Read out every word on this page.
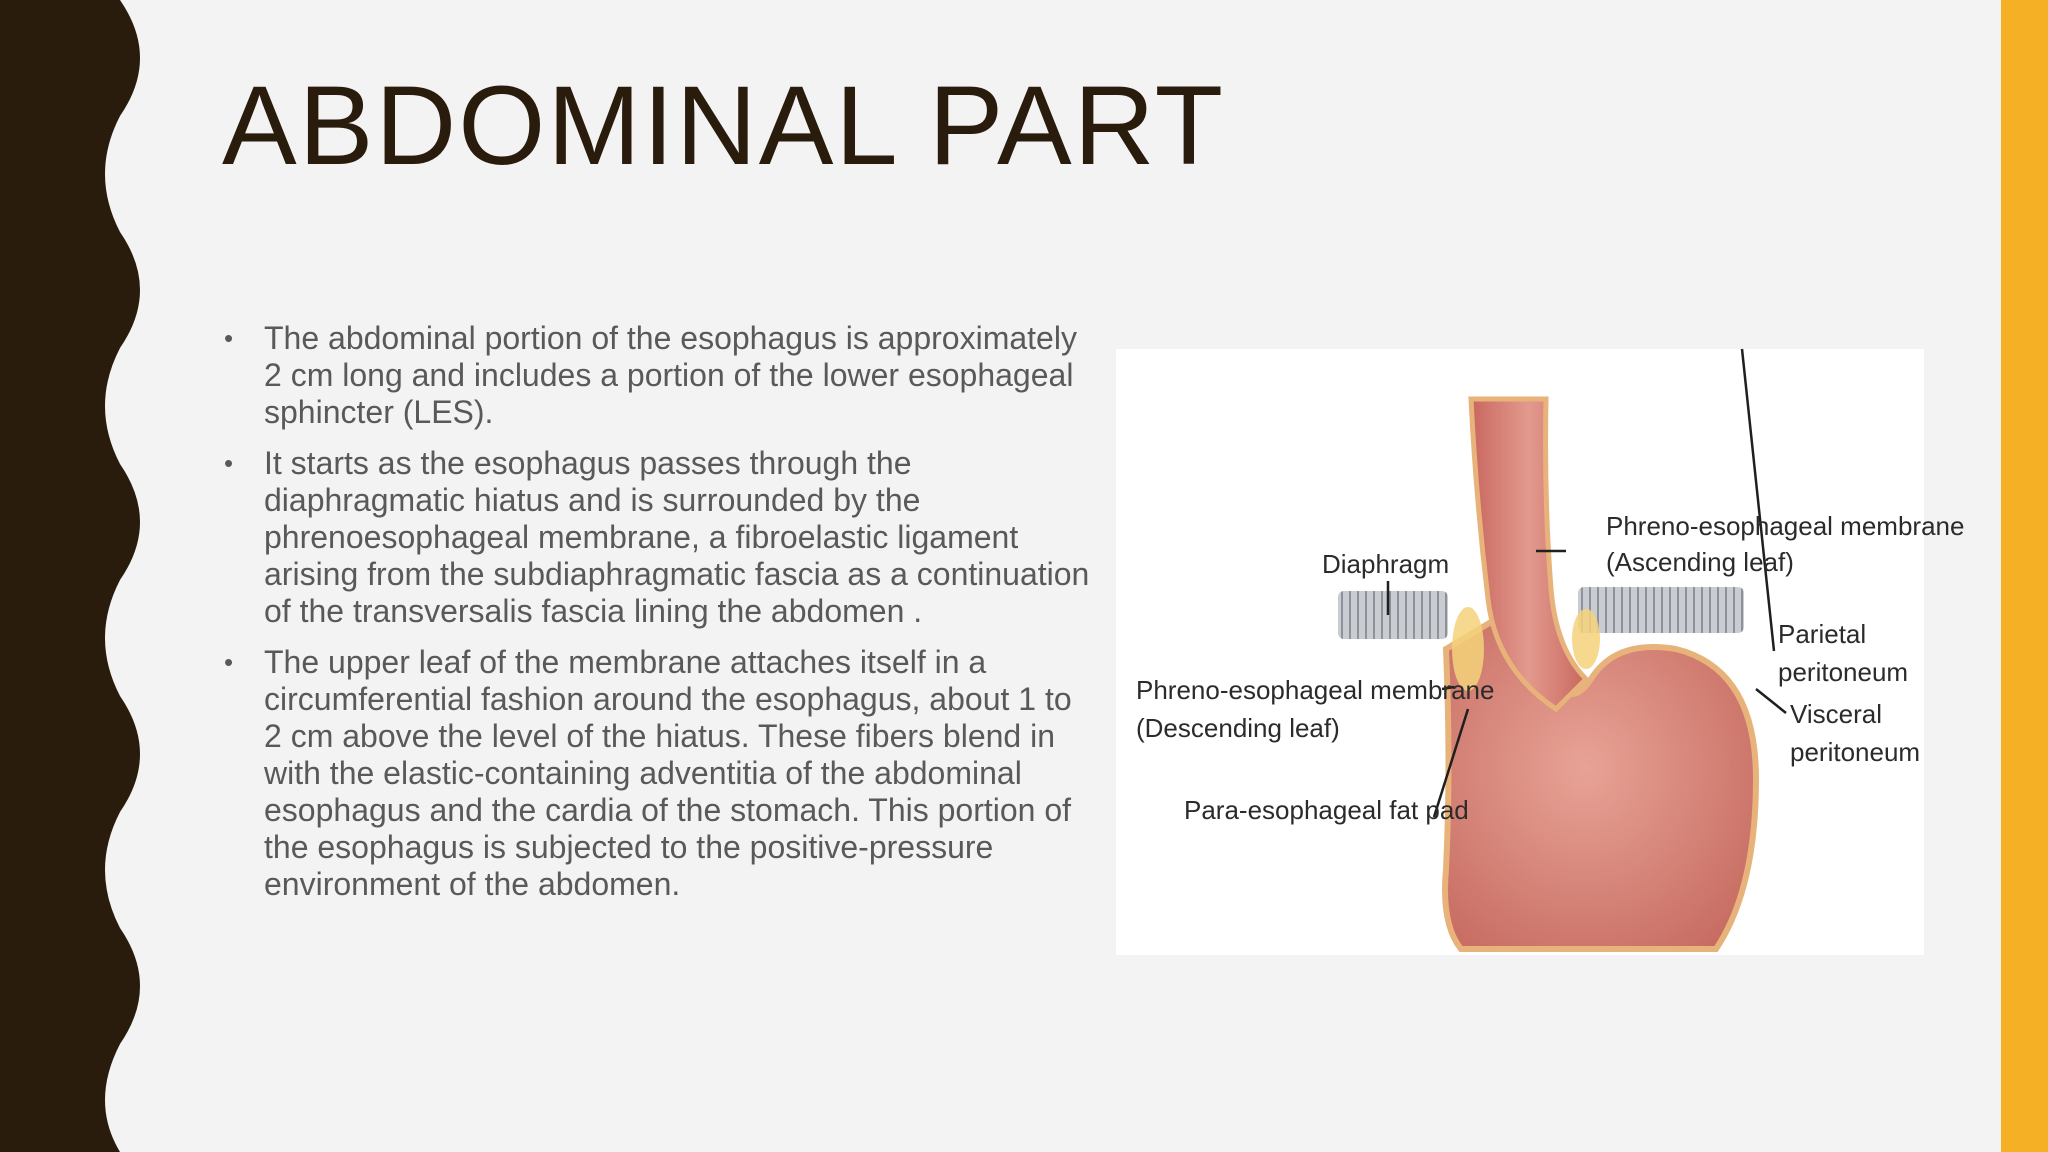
ABDOMINAL PART
• The abdominal portion of the esophagus is approximately 2 cm long and includes a portion of the lower esophageal sphincter (LES).
• It starts as the esophagus passes through the diaphragmatic hiatus and is surrounded by the phrenoesophageal membrane, a fibroelastic ligament arising from the subdiaphragmatic fascia as a continuation of the transversalis fascia lining the abdomen .
• The upper leaf of the membrane attaches itself in a circumferential fashion around the esophagus, about 1 to 2 cm above the level of the hiatus. These fibers blend in with the elastic-containing adventitia of the abdominal esophagus and the cardia of the stomach. This portion of the esophagus is subjected to the positive-pressure environment of the abdomen.
Diaphragm
Phreno-esophageal membrane
(Ascending leaf)
Phreno-esophageal membrane
(Descending leaf)
Para-esophageal fat pad
Parietal
peritoneum
Visceral
peritoneum
